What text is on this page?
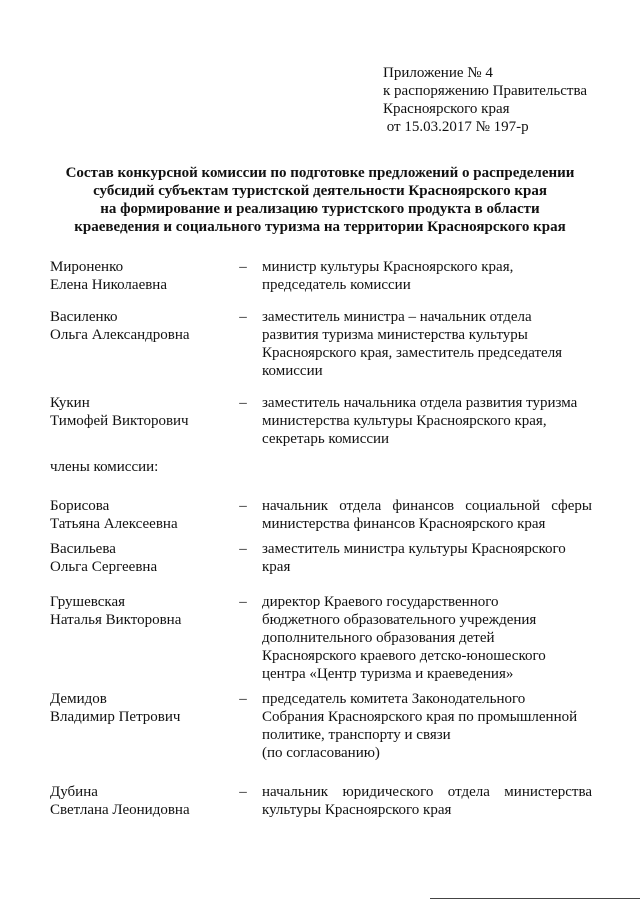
Приложение № 4
к распоряжению Правительства
Красноярского края
от 15.03.2017 № 197-р
Состав конкурсной комиссии по подготовке предложений о распределении
субсидий субъектам туристской деятельности Красноярского края
на формирование и реализацию туристского продукта в области
краеведения и социального туризма на территории Красноярского края
Мироненко
Елена Николаевна
– министр культуры Красноярского края,
председатель комиссии
Василенко
Ольга Александровна
– заместитель министра – начальник отдела
развития туризма министерства культуры
Красноярского края, заместитель председателя
комиссии
Кукин
Тимофей Викторович
– заместитель начальника отдела развития туризма
министерства культуры Красноярского края,
секретарь комиссии
члены комиссии:
Борисова
Татьяна Алексеевна
– начальник отдела финансов социальной сферы
министерства финансов Красноярского края
Васильева
Ольга Сергеевна
– заместитель министра культуры Красноярского
края
Грушевская
Наталья Викторовна
– директор Краевого государственного
бюджетного образовательного учреждения
дополнительного образования детей
Красноярского краевого детско-юношеского
центра «Центр туризма и краеведения»
Демидов
Владимир Петрович
– председатель комитета Законодательного
Собрания Красноярского края по промышленной
политике, транспорту и связи
(по согласованию)
Дубина
Светлана Леонидовна
– начальник юридического отдела министерства
культуры Красноярского края
